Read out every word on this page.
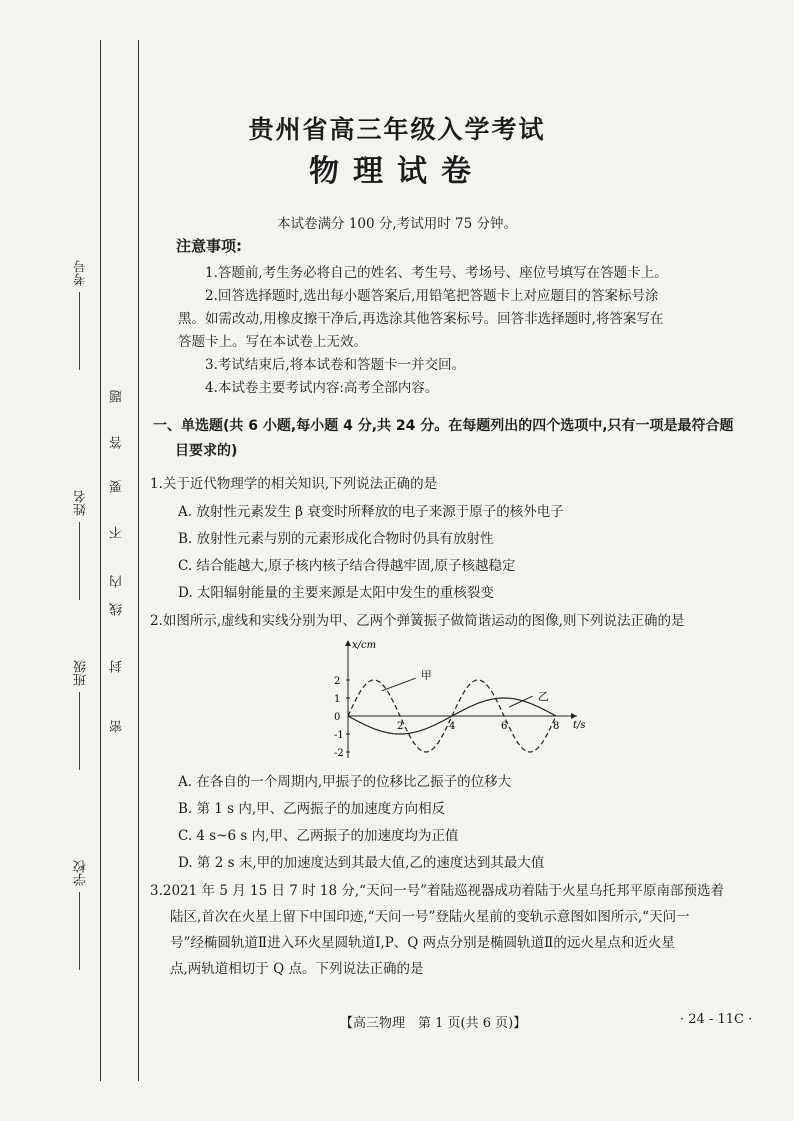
考号
姓名
班级
学校
密
封
线
内
不
要
答
题
贵州省高三年级入学考试
物理试卷
本试卷满分 100 分,考试用时 75 分钟。
注意事项:
1.答题前,考生务必将自己的姓名、考生号、考场号、座位号填写在答题卡上。
2.回答选择题时,选出每小题答案后,用铅笔把答题卡上对应题目的答案标号涂
黑。如需改动,用橡皮擦干净后,再选涂其他答案标号。回答非选择题时,将答案写在
答题卡上。写在本试卷上无效。
3.考试结束后,将本试卷和答题卡一并交回。
4.本试卷主要考试内容:高考全部内容。
一、单选题(共 6 小题,每小题 4 分,共 24 分。在每题列出的四个选项中,只有一项是最符合题
目要求的)
1.关于近代物理学的相关知识,下列说法正确的是
A. 放射性元素发生 β 衰变时所释放的电子来源于原子的核外电子
B. 放射性元素与别的元素形成化合物时仍具有放射性
C. 结合能越大,原子核内核子结合得越牢固,原子核越稳定
D. 太阳辐射能量的主要来源是太阳中发生的重核裂变
2.如图所示,虚线和实线分别为甲、乙两个弹簧振子做简谐运动的图像,则下列说法正确的是
x/cm
t/s
2	4	6	8
2
1
0
-1
-2
甲
乙
A. 在各自的一个周期内,甲振子的位移比乙振子的位移大
B. 第 1 s 内,甲、乙两振子的加速度方向相反
C. 4 s~6 s 内,甲、乙两振子的加速度均为正值
D. 第 2 s 末,甲的加速度达到其最大值,乙的速度达到其最大值
3.2021 年 5 月 15 日 7 时 18 分,“天问一号”着陆巡视器成功着陆于火星乌托邦平原南部预选着
陆区,首次在火星上留下中国印迹,“天问一号”登陆火星前的变轨示意图如图所示,“天问一
号”经椭圆轨道Ⅱ进入环火星圆轨道Ⅰ,P、Q 两点分别是椭圆轨道Ⅱ的远火星点和近火星
点,两轨道相切于 Q 点。下列说法正确的是
【高三物理　第 1 页(共 6 页)】	· 24 - 11C ·
